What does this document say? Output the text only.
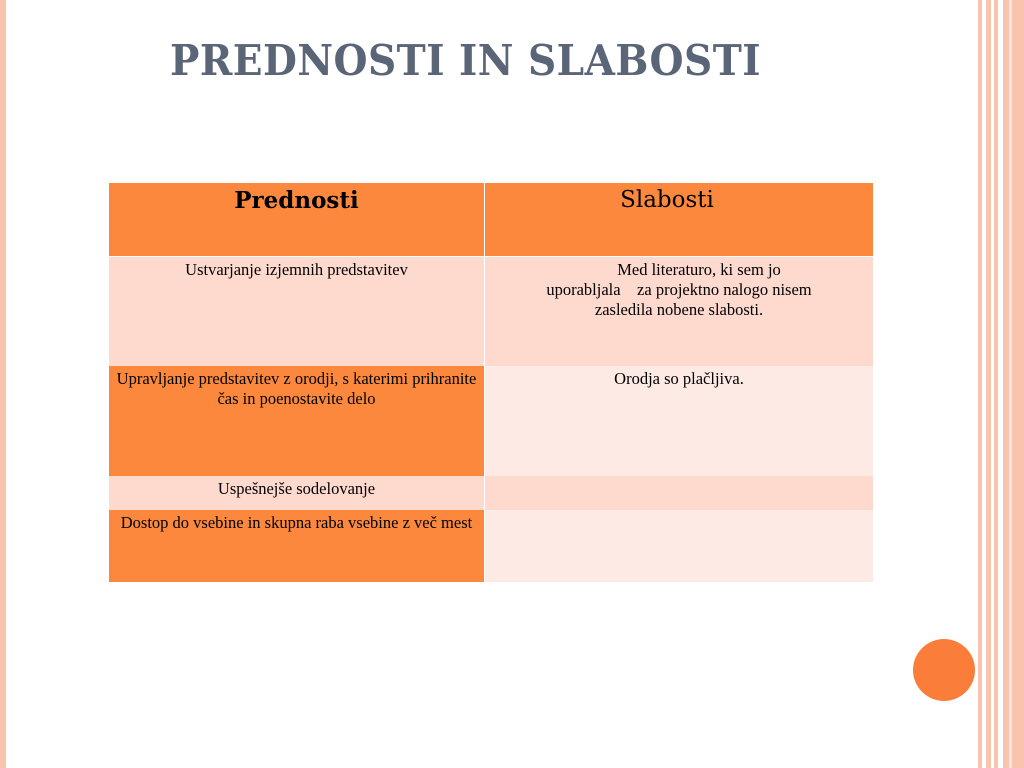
PREDNOSTI IN SLABOSTI
Prednosti	Slabosti
Ustvarjanje izjemnih predstavitev	Med literaturo, ki sem jo
uporabljala    za projektno nalogo nisem
zasledila nobene slabosti.
Upravljanje predstavitev z orodji, s katerimi prihranite čas in poenostavite delo
Orodja so plačljiva.
Uspešnejše sodelovanje
Dostop do vsebine in skupna raba vsebine z več mest
